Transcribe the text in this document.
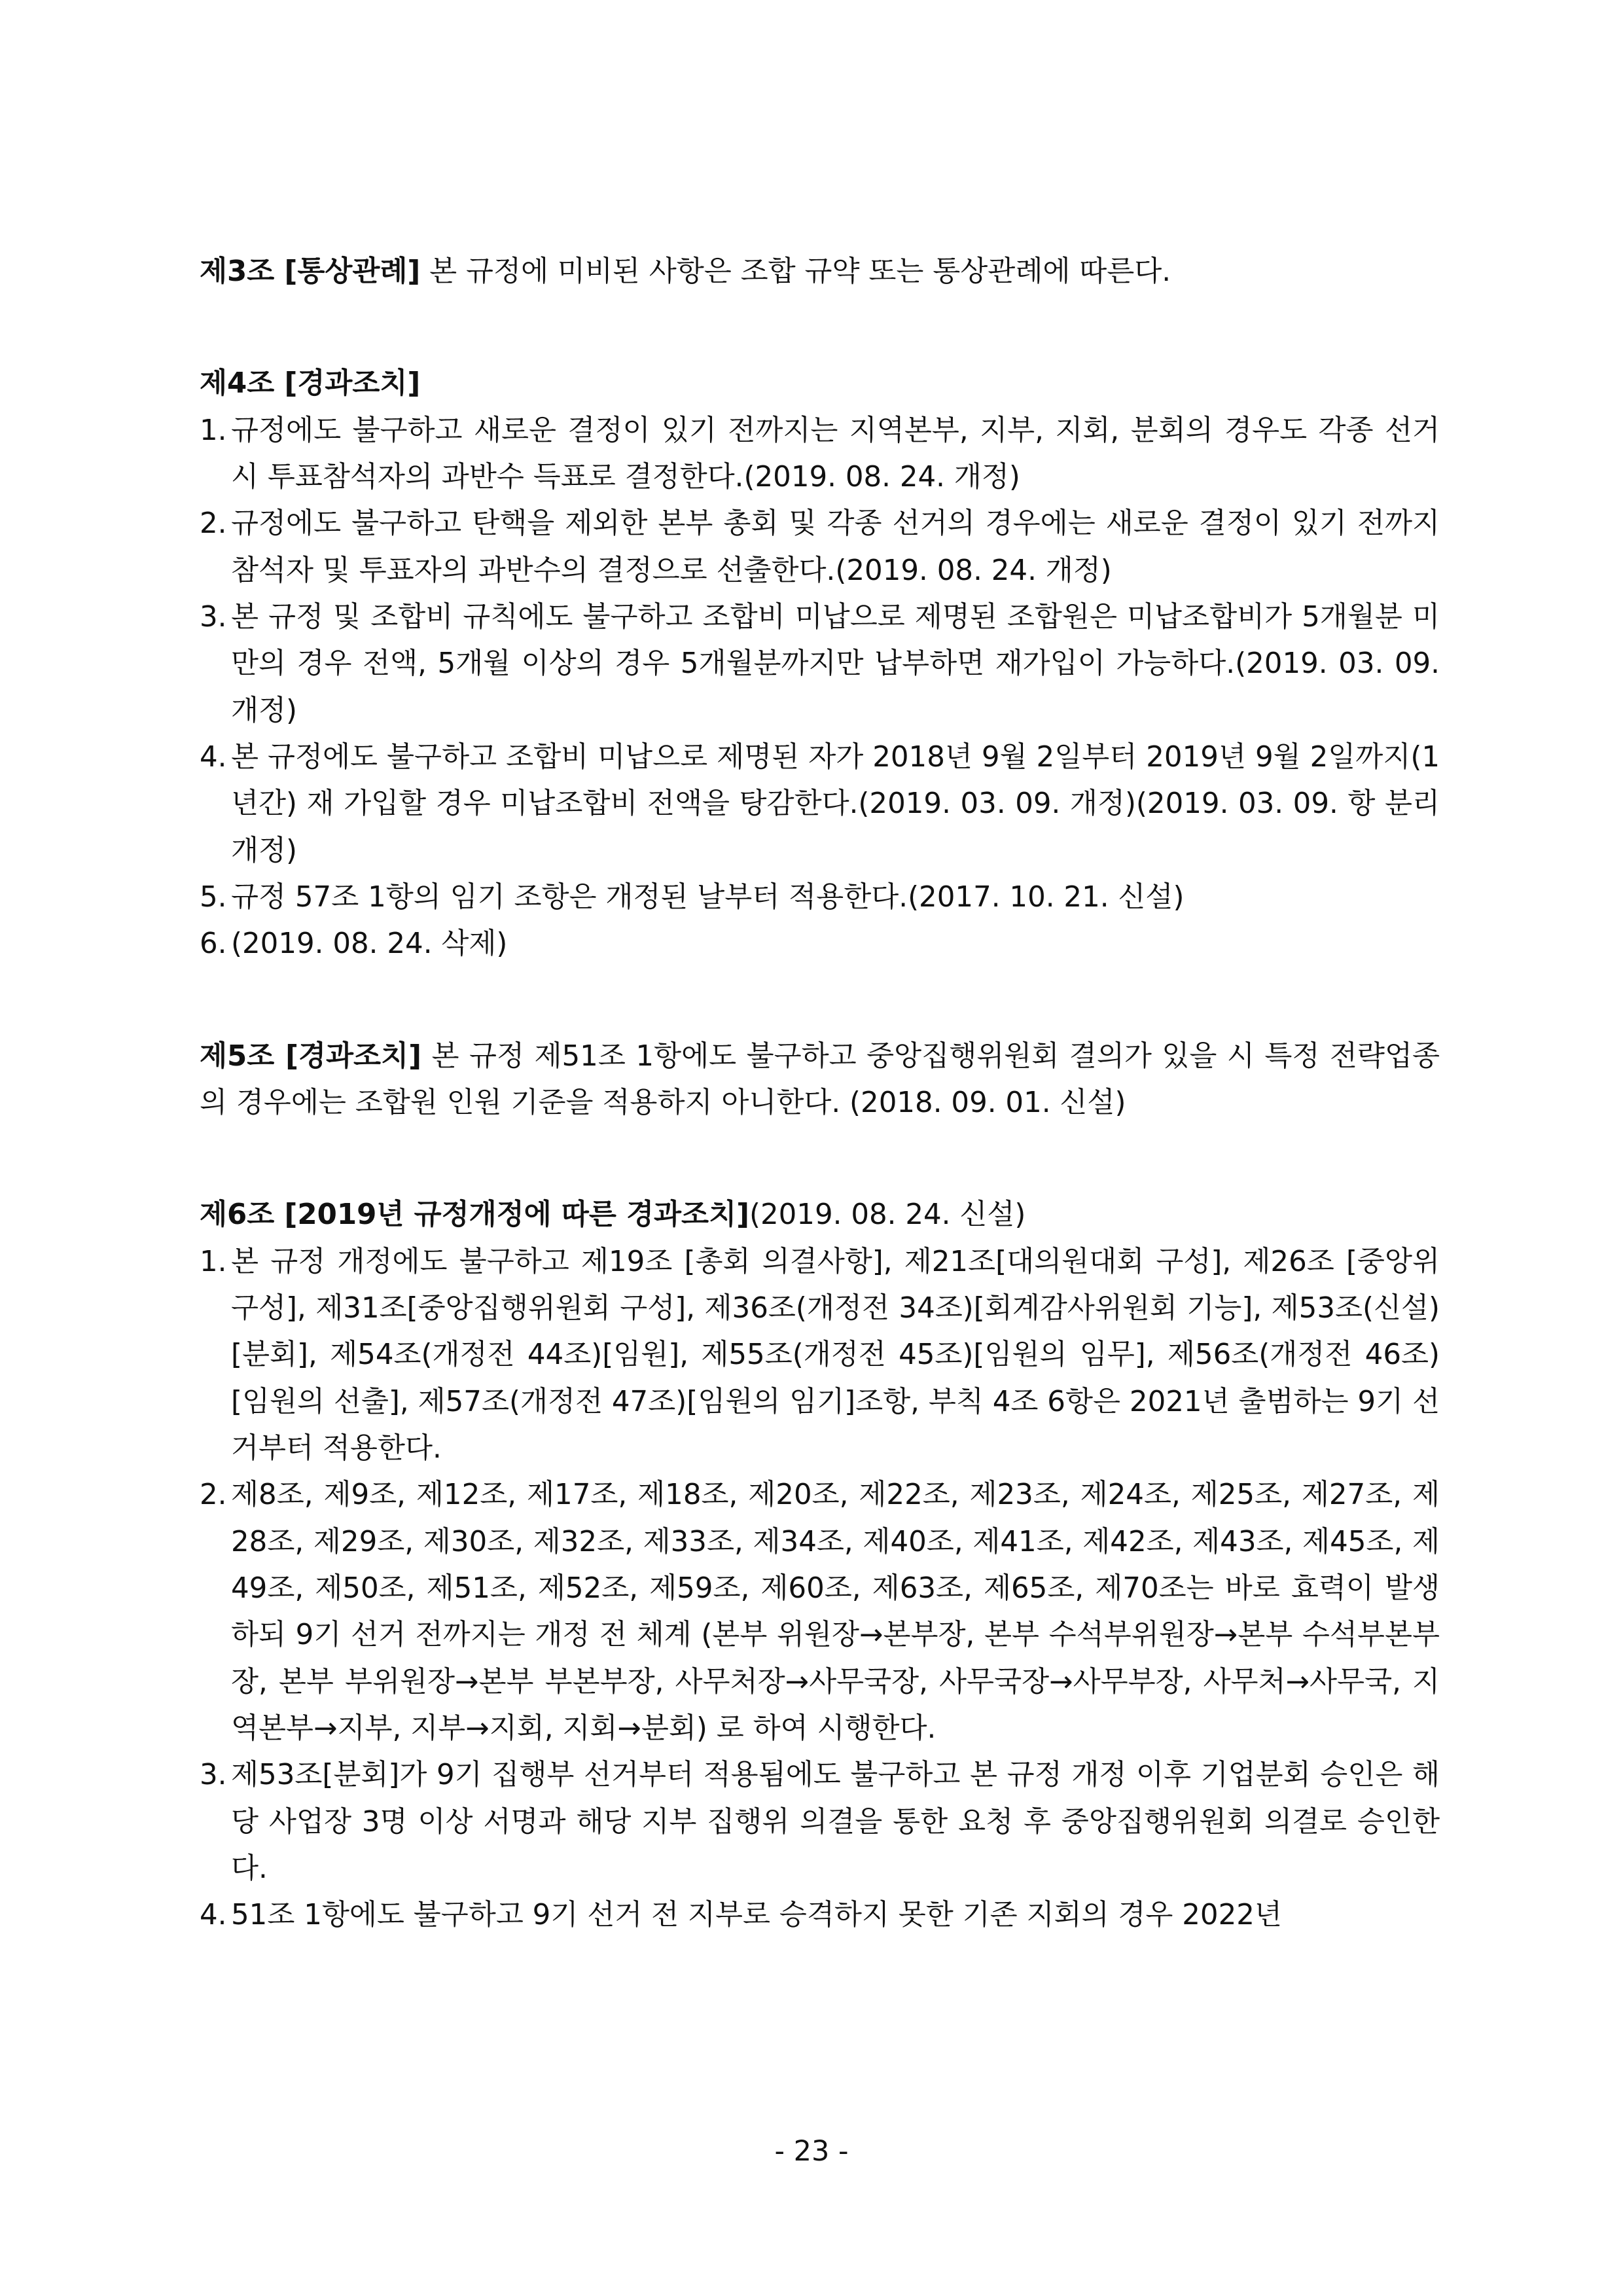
제3조 [통상관례] 본 규정에 미비된 사항은 조합 규약 또는 통상관례에 따른다.

제4조 [경과조치]

1. 규정에도 불구하고 새로운 결정이 있기 전까지는 지역본부, 지부, 지회, 분회의 경우도 각종 선거 시 투표참석자의 과반수 득표로 결정한다.(2019. 08. 24. 개정)
2. 규정에도 불구하고 탄핵을 제외한 본부 총회 및 각종 선거의 경우에는 새로운 결정이 있기 전까지 참석자 및 투표자의 과반수의 결정으로 선출한다.(2019. 08. 24. 개정)
3. 본 규정 및 조합비 규칙에도 불구하고 조합비 미납으로 제명된 조합원은 미납조합비가 5개월분 미만의 경우 전액, 5개월 이상의 경우 5개월분까지만 납부하면 재가입이 가능하다.(2019. 03. 09. 개정)
4. 본 규정에도 불구하고 조합비 미납으로 제명된 자가 2018년 9월 2일부터 2019년 9월 2일까지(1년간) 재 가입할 경우 미납조합비 전액을 탕감한다.(2019. 03. 09. 개정)(2019. 03. 09. 항 분리 개정)
5. 규정 57조 1항의 임기 조항은 개정된 날부터 적용한다.(2017. 10. 21. 신설)
6. (2019. 08. 24. 삭제)

제5조 [경과조치] 본 규정 제51조 1항에도 불구하고 중앙집행위원회 결의가 있을 시 특정 전략업종의 경우에는 조합원 인원 기준을 적용하지 아니한다. (2018. 09. 01. 신설)

제6조 [2019년 규정개정에 따른 경과조치](2019. 08. 24. 신설)

1. 본 규정 개정에도 불구하고 제19조 [총회 의결사항], 제21조[대의원대회 구성], 제26조 [중앙위 구성], 제31조[중앙집행위원회 구성], 제36조(개정전 34조)[회계감사위원회 기능], 제53조(신설)[분회], 제54조(개정전 44조)[임원], 제55조(개정전 45조)[임원의 임무], 제56조(개정전 46조)[임원의 선출], 제57조(개정전 47조)[임원의 임기]조항, 부칙 4조 6항은 2021년 출범하는 9기 선거부터 적용한다.
2. 제8조, 제9조, 제12조, 제17조, 제18조, 제20조, 제22조, 제23조, 제24조, 제25조, 제27조, 제28조, 제29조, 제30조, 제32조, 제33조, 제34조, 제40조, 제41조, 제42조, 제43조, 제45조, 제49조, 제50조, 제51조, 제52조, 제59조, 제60조, 제63조, 제65조, 제70조는 바로 효력이 발생하되 9기 선거 전까지는 개정 전 체계 (본부 위원장→본부장, 본부 수석부위원장→본부 수석부본부장, 본부 부위원장→본부 부본부장, 사무처장→사무국장, 사무국장→사무부장, 사무처→사무국, 지역본부→지부, 지부→지회, 지회→분회) 로 하여 시행한다.
3. 제53조[분회]가 9기 집행부 선거부터 적용됨에도 불구하고 본 규정 개정 이후 기업분회 승인은 해당 사업장 3명 이상 서명과 해당 지부 집행위 의결을 통한 요청 후 중앙집행위원회 의결로 승인한다.
4. 51조 1항에도 불구하고 9기 선거 전 지부로 승격하지 못한 기존 지회의 경우 2022년
- 23 -
